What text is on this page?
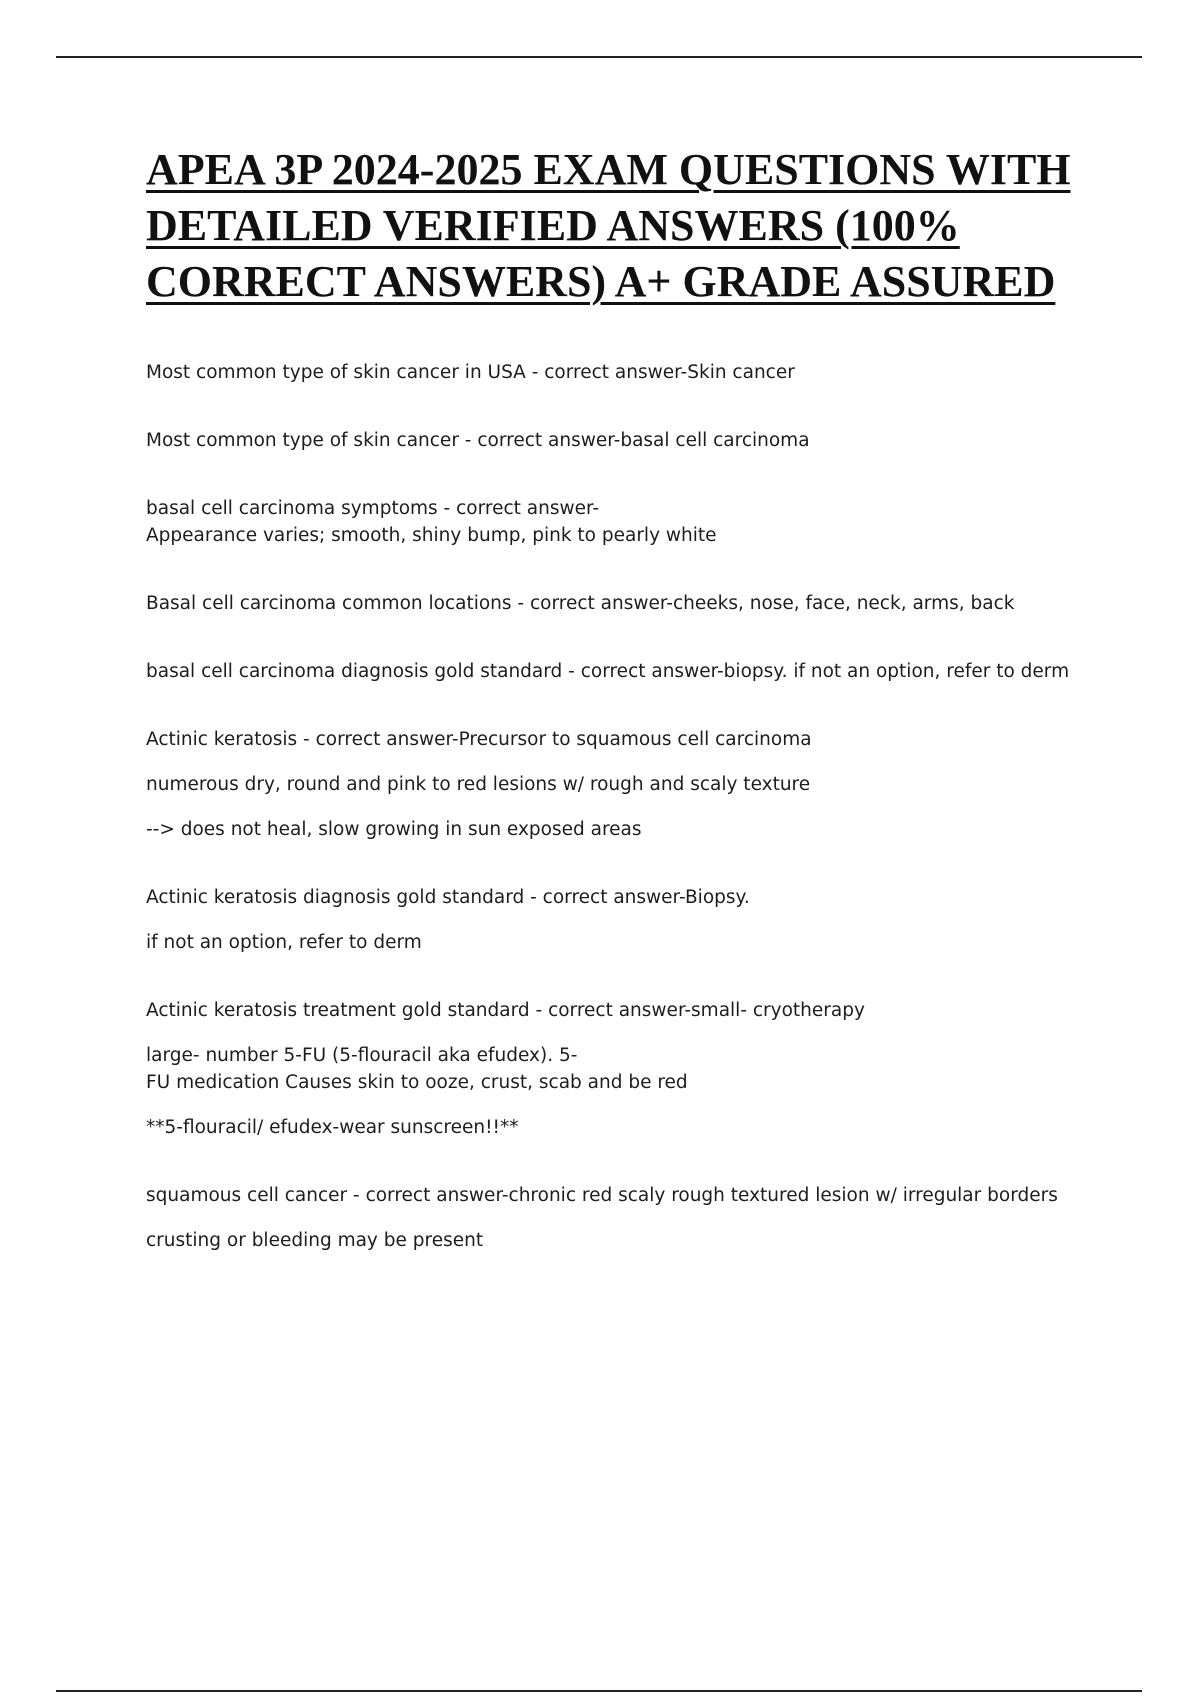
APEA 3P 2024-2025 EXAM QUESTIONS WITH
DETAILED VERIFIED ANSWERS (100%
CORRECT ANSWERS) A+ GRADE ASSURED
Most common type of skin cancer in USA - correct answer-Skin cancer
Most common type of skin cancer - correct answer-basal cell carcinoma
basal cell carcinoma symptoms - correct answer-
Appearance varies; smooth, shiny bump, pink to pearly white
Basal cell carcinoma common locations - correct answer-cheeks, nose, face, neck, arms, back
basal cell carcinoma diagnosis gold standard - correct answer-biopsy. if not an option, refer to derm
Actinic keratosis - correct answer-Precursor to squamous cell carcinoma
numerous dry, round and pink to red lesions w/ rough and scaly texture
--> does not heal, slow growing in sun exposed areas
Actinic keratosis diagnosis gold standard - correct answer-Biopsy.
if not an option, refer to derm
Actinic keratosis treatment gold standard - correct answer-small- cryotherapy
large- number 5-FU (5-flouracil aka efudex). 5-
FU medication Causes skin to ooze, crust, scab and be red
**5-flouracil/ efudex-wear sunscreen!!**
squamous cell cancer - correct answer-chronic red scaly rough textured lesion w/ irregular borders
crusting or bleeding may be present
